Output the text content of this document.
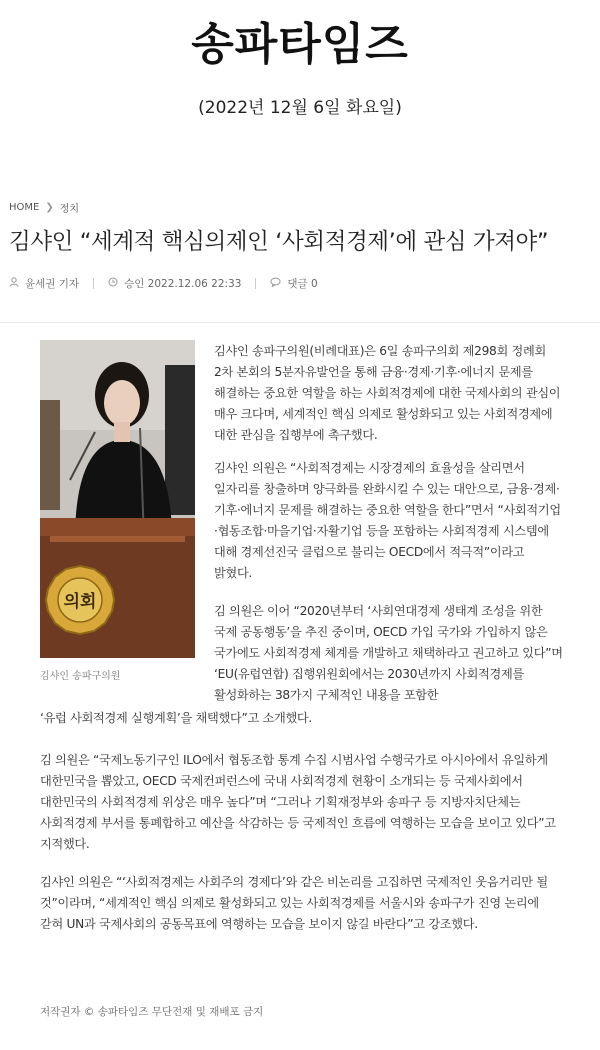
송파타임즈
(2022년 12월 6일 화요일)
HOME ❯ 정치
김샤인 “세계적 핵심의제인 ‘사회적경제’에 관심 가져야”
윤세권 기자	승인 2022.12.06 22:33	댓글 0
의회
김샤인 송파구의원
김샤인 송파구의원(비례대표)은 6일 송파구의회 제298회 정례회 2차 본회의 5분자유발언을 통해 금융·경제·기후·에너지 문제를 해결하는 중요한 역할을 하는 사회적경제에 대한 국제사회의 관심이 매우 크다며, 세계적인 핵심 의제로 활성화되고 있는 사회적경제에 대한 관심을 집행부에 촉구했다.
김샤인 의원은 “사회적경제는 시장경제의 효율성을 살리면서 일자리를 창출하며 양극화를 완화시킬 수 있는 대안으로, 금융·경제·기후·에너지 문제를 해결하는 중요한 역할을 한다”면서 “사회적기업·협동조합·마을기업·자활기업 등을 포함하는 사회적경제 시스템에 대해 경제선진국 클럽으로 불리는 OECD에서 적극적”이라고 밝혔다.
김 의원은 이어 “2020년부터 ‘사회연대경제 생태계 조성을 위한 국제 공동행동’을 추진 중이며, OECD 가입 국가와 가입하지 않은 국가에도 사회적경제 체계를 개발하고 채택하라고 권고하고 있다”며 ‘EU(유럽연합) 집행위원회에서는 2030년까지 사회적경제를 활성화하는 38가지 구체적인 내용을 포함한
‘유럽 사회적경제 실행계획’을 채택했다”고 소개했다.
김 의원은 “국제노동기구인 ILO에서 협동조합 통계 수집 시범사업 수행국가로 아시아에서 유일하게 대한민국을 뽑았고, OECD 국제컨퍼런스에 국내 사회적경제 현황이 소개되는 등 국제사회에서 대한민국의 사회적경제 위상은 매우 높다”며 “그러나 기획재정부와 송파구 등 지방자치단체는 사회적경제 부서를 통폐합하고 예산을 삭감하는 등 국제적인 흐름에 역행하는 모습을 보이고 있다”고 지적했다.
김샤인 의원은 “‘사회적경제는 사회주의 경제다’와 같은 비논리를 고집하면 국제적인 웃음거리만 될 것”이라며, “세계적인 핵심 의제로 활성화되고 있는 사회적경제를 서울시와 송파구가 진영 논리에 갇혀 UN과 국제사회의 공동목표에 역행하는 모습을 보이지 않길 바란다”고 강조했다.
저작권자 © 송파타임즈 무단전재 및 재배포 금지
